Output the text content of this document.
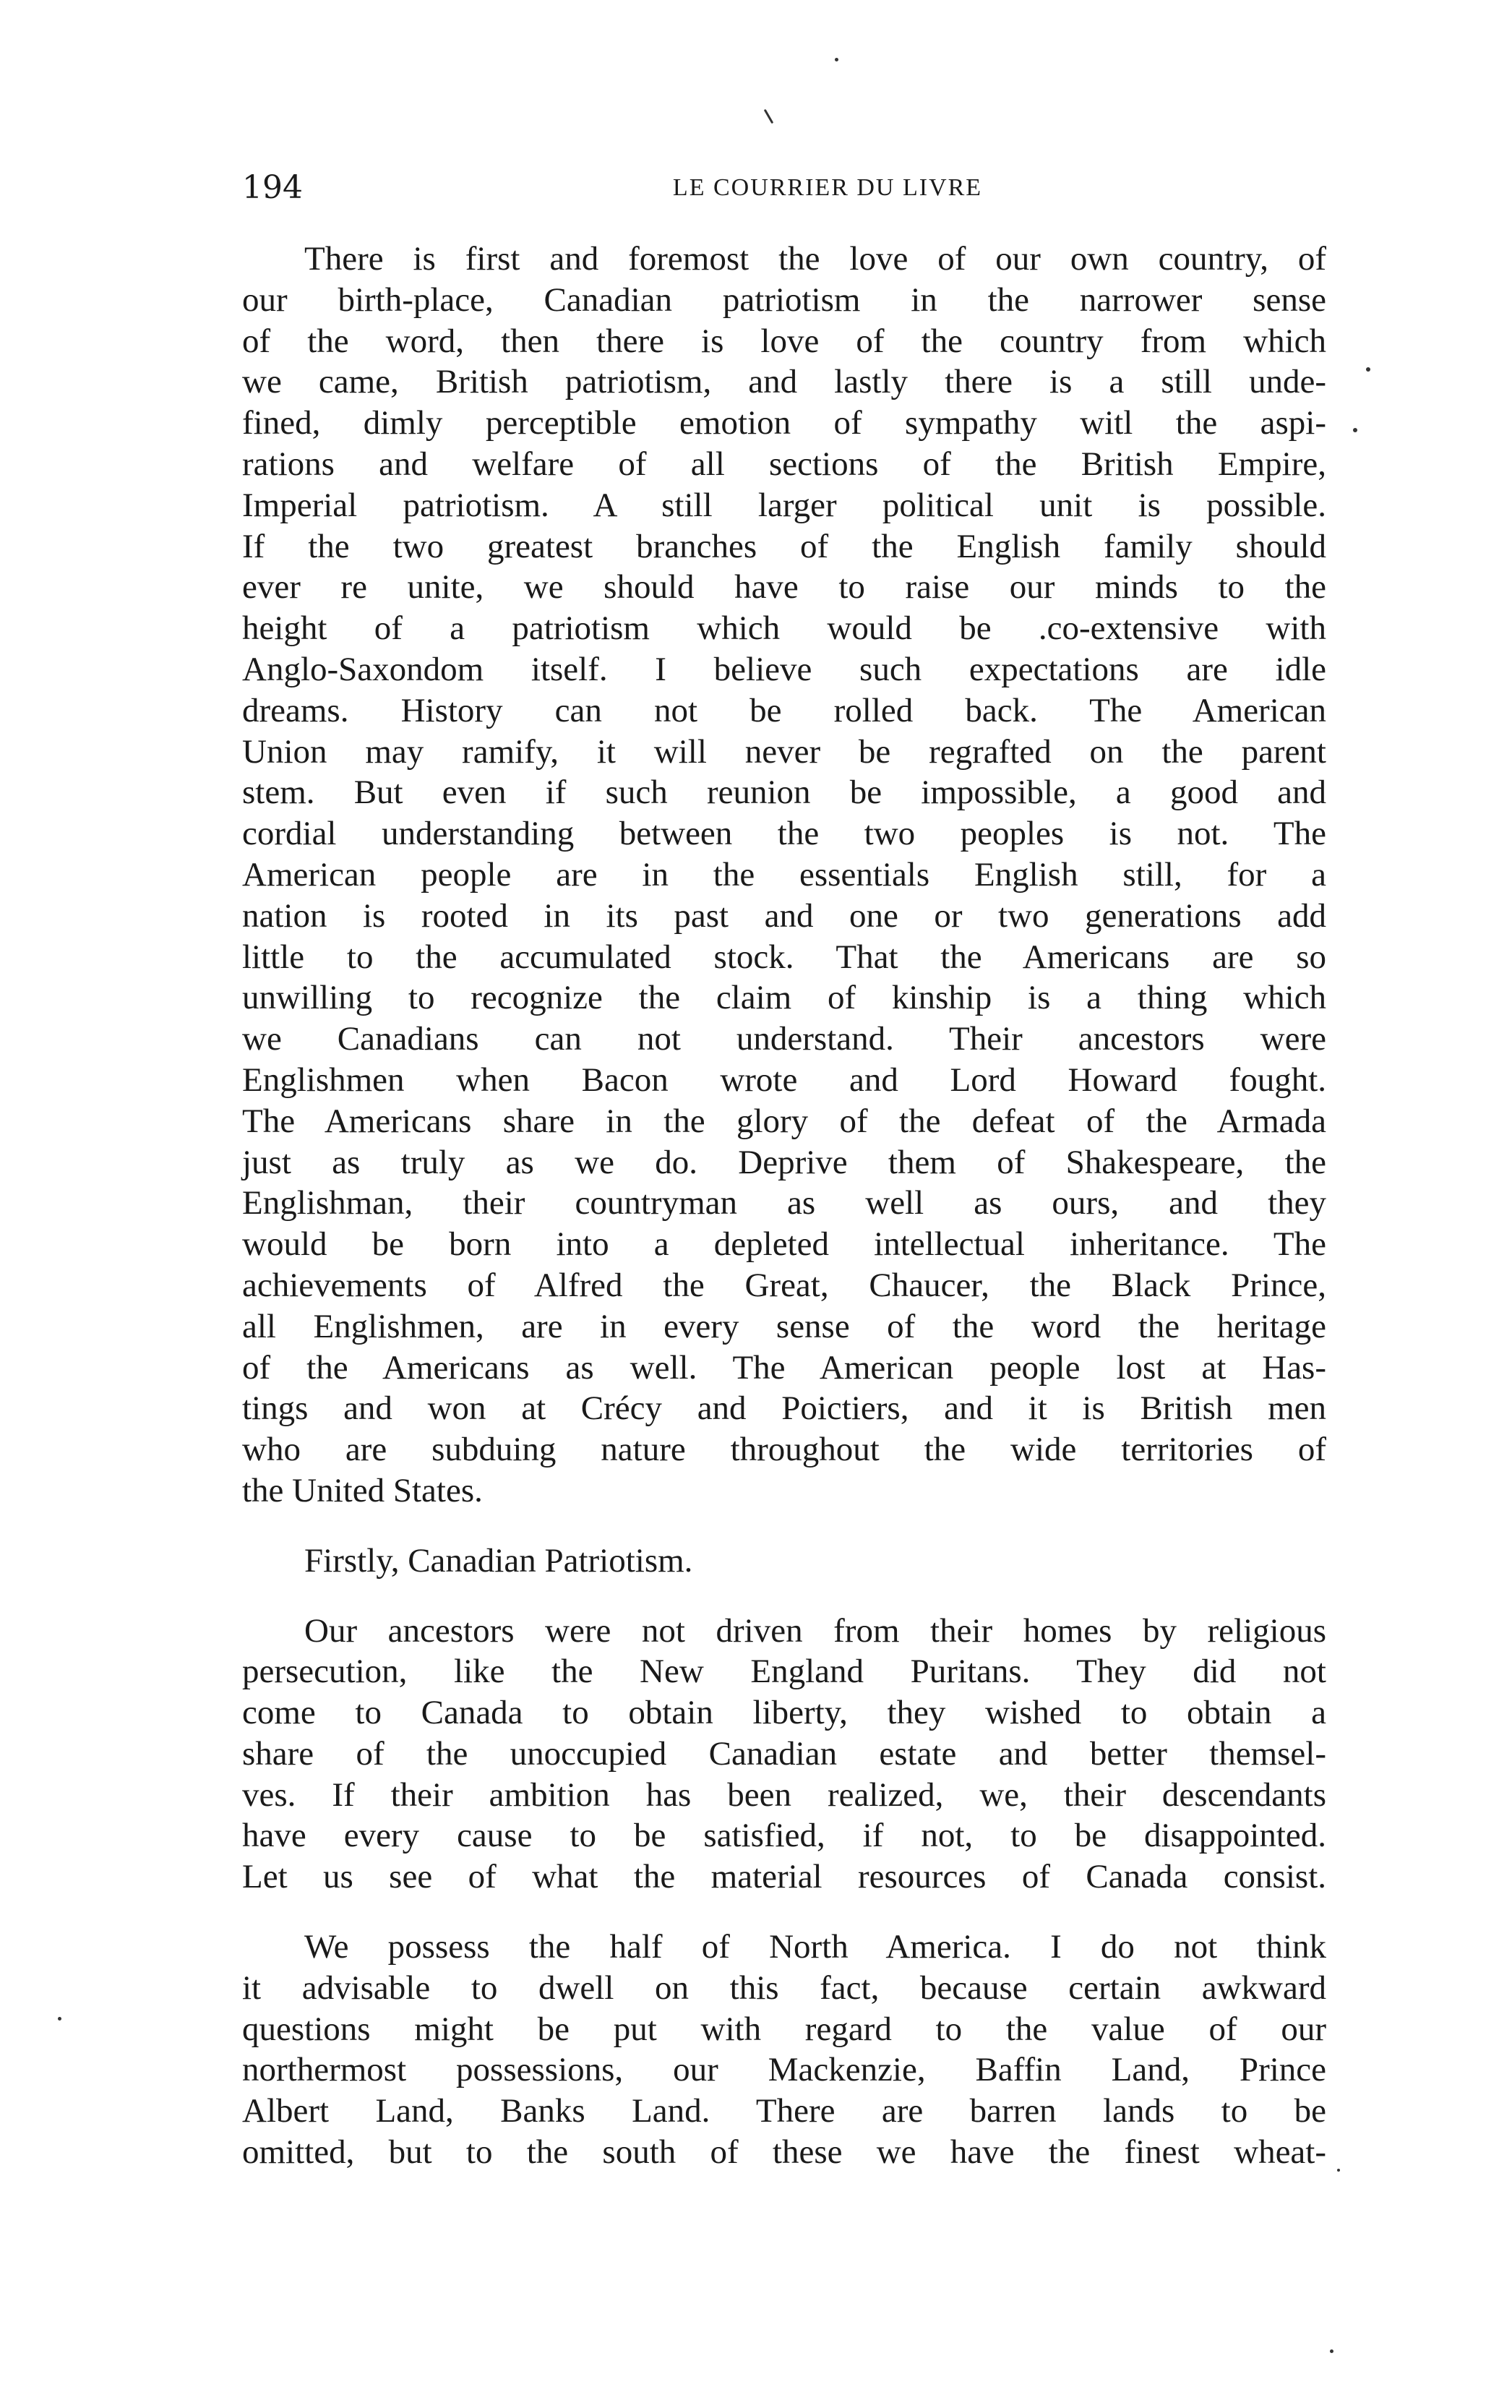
194	LE COURRIER DU LIVRE

There is first and foremost the love of our own country, of
our birth-place, Canadian patriotism in the narrower sense
of the word, then there is love of the country from which
we came, British patriotism, and lastly there is a still unde-
fined, dimly perceptible emotion of sympathy witl the aspi-
rations and welfare of all sections of the British Empire,
Imperial patriotism. A still larger political unit is possible.
If the two greatest branches of the English family should
ever re unite, we should have to raise our minds to the
height of a patriotism which would be .co-extensive with
Anglo-Saxondom itself. I believe such expectations are idle
dreams. History can not be rolled back. The American
Union may ramify, it will never be regrafted on the parent
stem. But even if such reunion be impossible, a good and
cordial understanding between the two peoples is not. The
American people are in the essentials English still, for a
nation is rooted in its past and one or two generations add
little to the accumulated stock. That the Americans are so
unwilling to recognize the claim of kinship is a thing which
we Canadians can not understand. Their ancestors were
Englishmen when Bacon wrote and Lord Howard fought.
The Americans share in the glory of the defeat of the Armada
just as truly as we do. Deprive them of Shakespeare, the
Englishman, their countryman as well as ours, and they
would be born into a depleted intellectual inheritance. The
achievements of Alfred the Great, Chaucer, the Black Prince,
all Englishmen, are in every sense of the word the heritage
of the Americans as well. The American people lost at Has-
tings and won at Crécy and Poictiers, and it is British men
who are subduing nature throughout the wide territories of
the United States.

Firstly, Canadian Patriotism.

Our ancestors were not driven from their homes by religious
persecution, like the New England Puritans. They did not
come to Canada to obtain liberty, they wished to obtain a
share of the unoccupied Canadian estate and better themsel-
ves. If their ambition has been realized, we, their descendants
have every cause to be satisfied, if not, to be disappointed.
Let us see of what the material resources of Canada consist.

We possess the half of North America. I do not think
it advisable to dwell on this fact, because certain awkward
questions might be put with regard to the value of our
northermost possessions, our Mackenzie, Baffin Land, Prince
Albert Land, Banks Land. There are barren lands to be
omitted, but to the south of these we have the finest wheat-
